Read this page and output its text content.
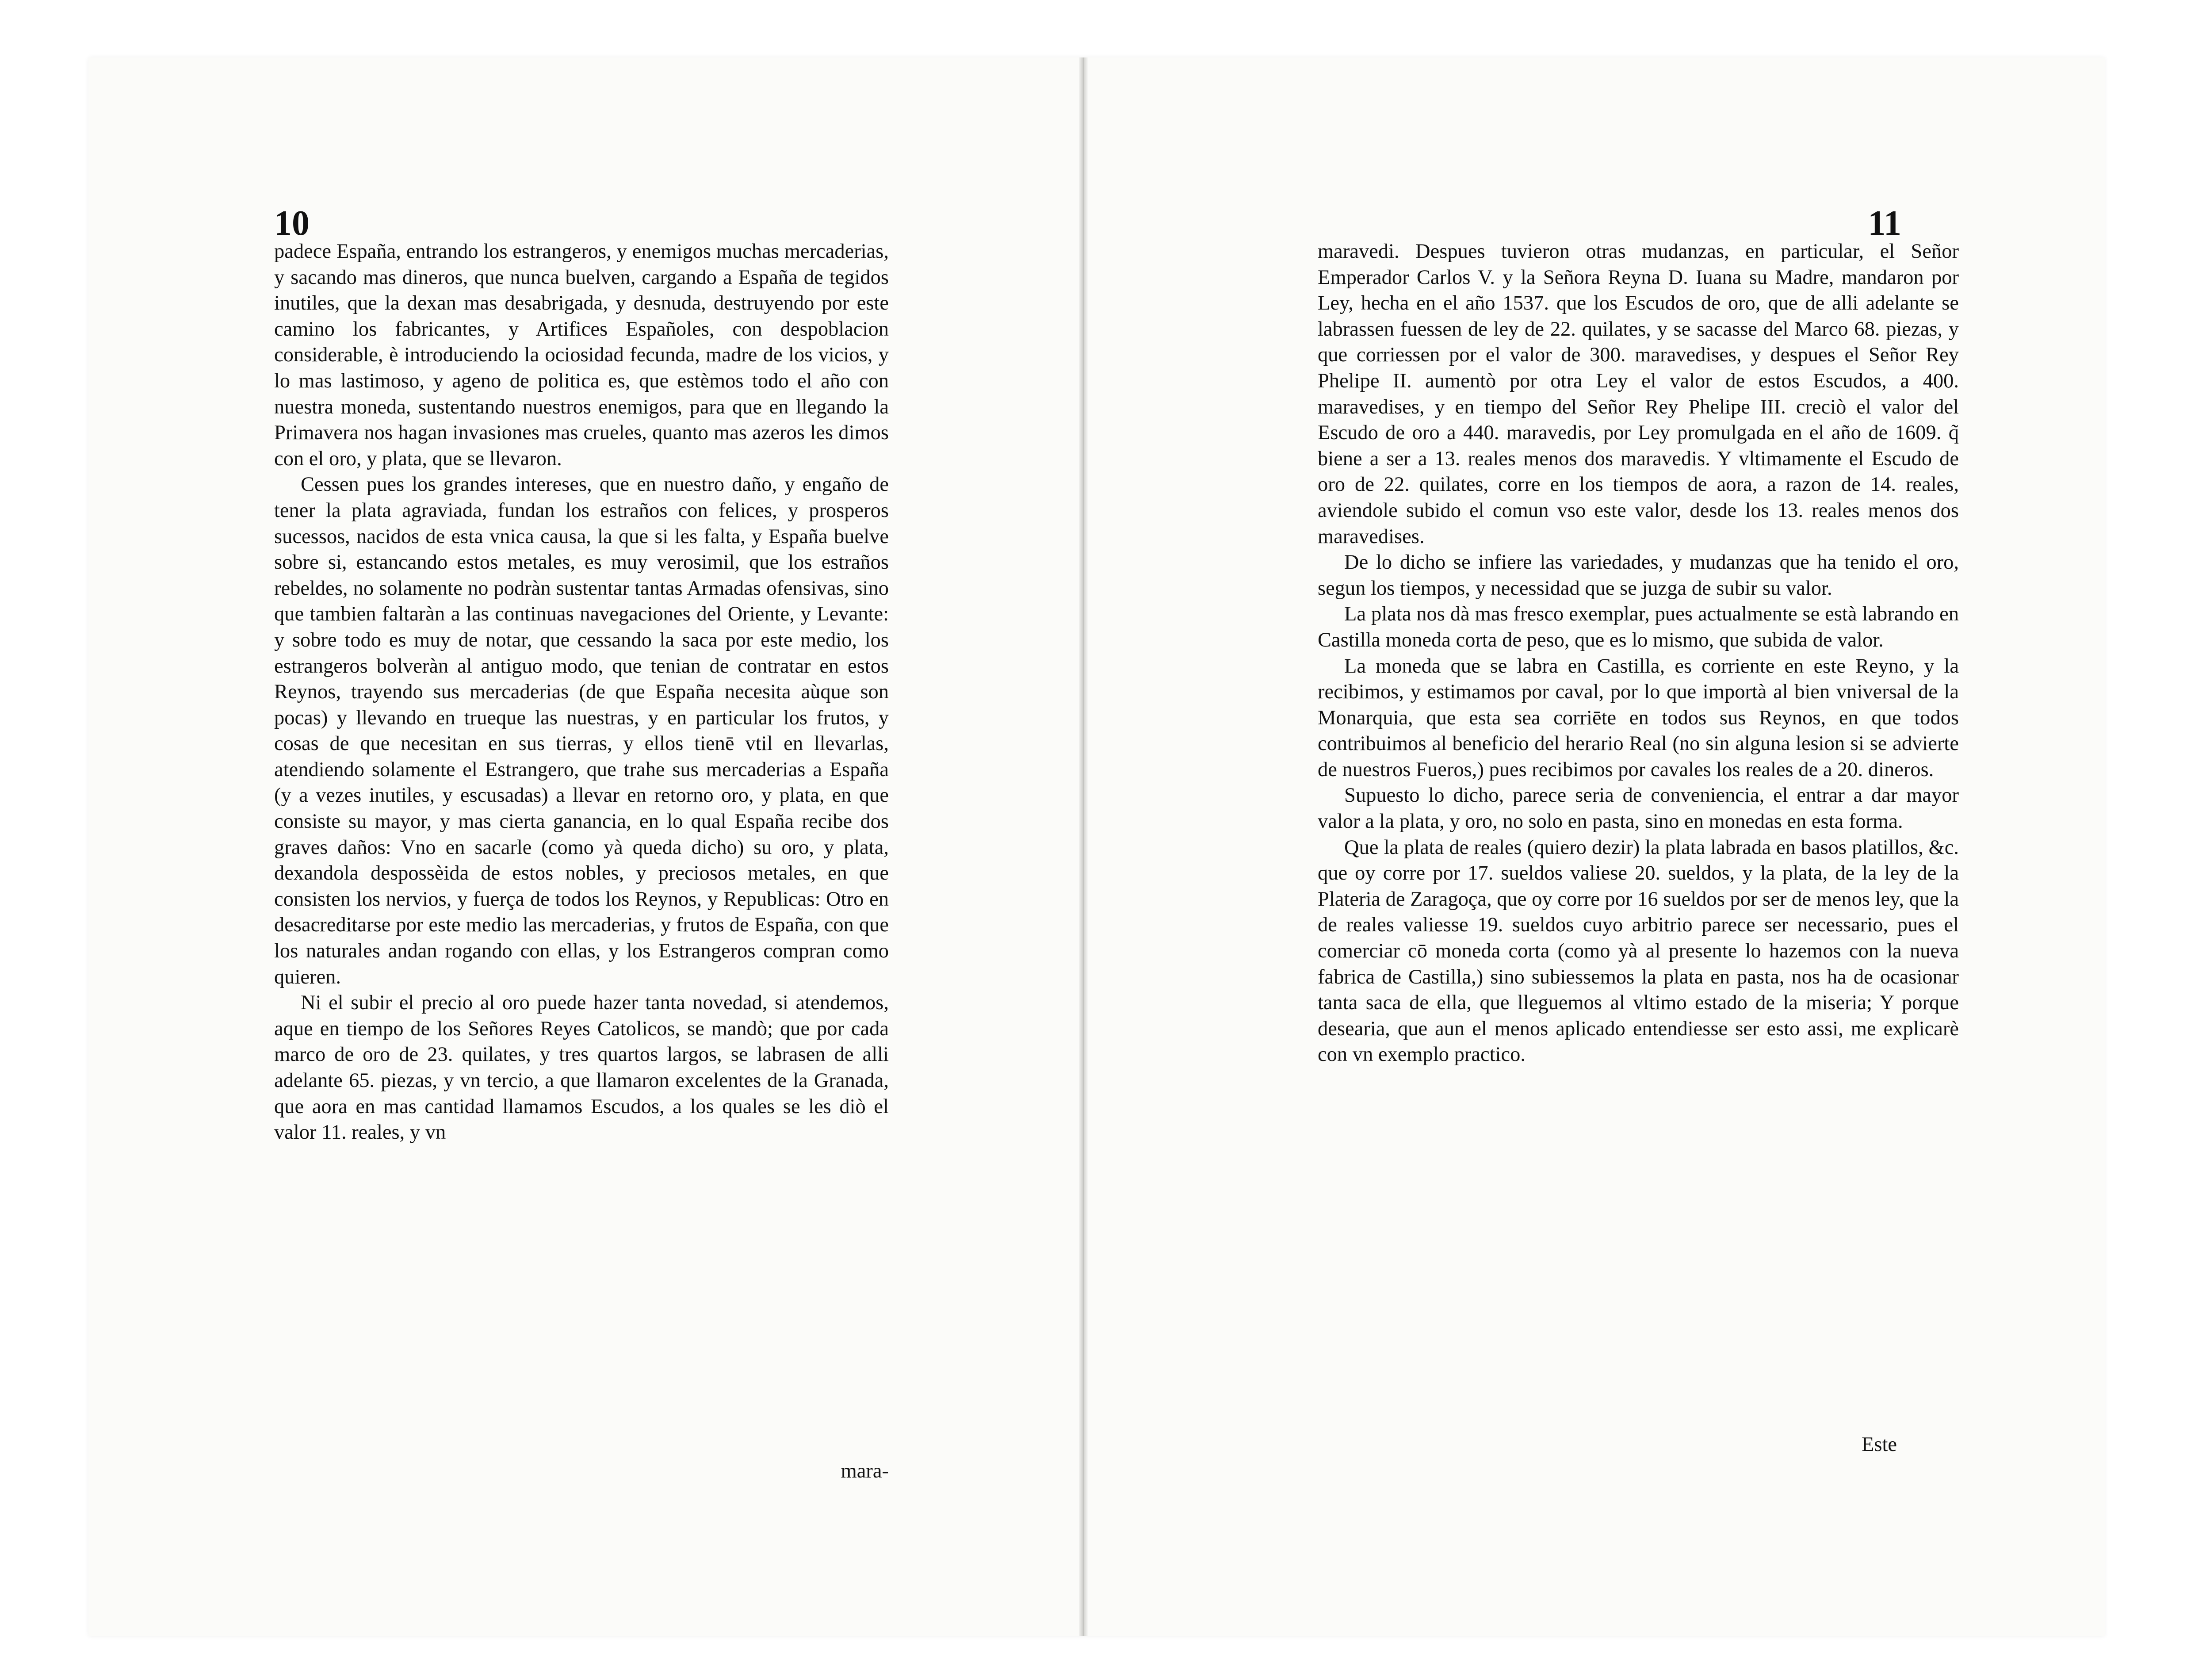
10

padece España, entrando los estrangeros, y enemigos muchas mercaderias, y sacando mas dineros, que nunca buelven, cargando a España de tegidos inutiles, que la dexan mas desabrigada, y desnuda, destruyendo por este camino los fabricantes, y Artifices Españoles, con despoblacion considerable, è introduciendo la ociosidad fecunda, madre de los vicios, y lo mas lastimoso, y ageno de politica es, que estèmos todo el año con nuestra moneda, sustentando nuestros enemigos, para que en llegando la Primavera nos hagan invasiones mas crueles, quanto mas azeros les dimos con el oro, y plata, que se llevaron.

Cessen pues los grandes intereses, que en nuestro daño, y engaño de tener la plata agraviada, fundan los estraños con felices, y prosperos sucessos, nacidos de esta vnica causa, la que si les falta, y España buelve sobre si, estancando estos metales, es muy verosimil, que los estraños rebeldes, no solamente no podràn sustentar tantas Armadas ofensivas, sino que tambien faltaràn a las continuas navegaciones del Oriente, y Levante: y sobre todo es muy de notar, que cessando la saca por este medio, los estrangeros bolveràn al antiguo modo, que tenian de contratar en estos Reynos, trayendo sus mercaderias (de que España necesita aùque son pocas) y llevando en trueque las nuestras, y en particular los frutos, y cosas de que necesitan en sus tierras, y ellos tienē vtil en llevarlas, atendiendo solamente el Estrangero, que trahe sus mercaderias a España (y a vezes inutiles, y escusadas) a llevar en retorno oro, y plata, en que consiste su mayor, y mas cierta ganancia, en lo qual España recibe dos graves daños: Vno en sacarle (como yà queda dicho) su oro, y plata, dexandola despossèida de estos nobles, y preciosos metales, en que consisten los nervios, y fuerça de todos los Reynos, y Republicas: Otro en desacreditarse por este medio las mercaderias, y frutos de España, con que los naturales andan rogando con ellas, y los Estrangeros compran como quieren.

Ni el subir el precio al oro puede hazer tanta novedad, si atendemos, aque en tiempo de los Señores Reyes Catolicos, se mandò; que por cada marco de oro de 23. quilates, y tres quartos largos, se labrasen de alli adelante 65. piezas, y vn tercio, a que llamaron excelentes de la Granada, que aora en mas cantidad llamamos Escudos, a los quales se les diò el valor 11. reales, y vn

mara-
11

maravedi. Despues tuvieron otras mudanzas, en particular, el Señor Emperador Carlos V. y la Señora Reyna D. Iuana su Madre, mandaron por Ley, hecha en el año 1537. que los Escudos de oro, que de alli adelante se labrassen fuessen de ley de 22. quilates, y se sacasse del Marco 68. piezas, y que corriessen por el valor de 300. maravedises, y despues el Señor Rey Phelipe II. aumentò por otra Ley el valor de estos Escudos, a 400. maravedises, y en tiempo del Señor Rey Phelipe III. creciò el valor del Escudo de oro a 440. maravedis, por Ley promulgada en el año de 1609. q̃ biene a ser a 13. reales menos dos maravedis. Y vltimamente el Escudo de oro de 22. quilates, corre en los tiempos de aora, a razon de 14. reales, aviendole subido el comun vso este valor, desde los 13. reales menos dos maravedises.

De lo dicho se infiere las variedades, y mudanzas que ha tenido el oro, segun los tiempos, y necessidad que se juzga de subir su valor.

La plata nos dà mas fresco exemplar, pues actualmente se està labrando en Castilla moneda corta de peso, que es lo mismo, que subida de valor.

La moneda que se labra en Castilla, es corriente en este Reyno, y la recibimos, y estimamos por caval, por lo que importà al bien vniversal de la Monarquia, que esta sea corriēte en todos sus Reynos, en que todos contribuimos al beneficio del herario Real (no sin alguna lesion si se advierte de nuestros Fueros,) pues recibimos por cavales los reales de a 20. dineros.

Supuesto lo dicho, parece seria de conveniencia, el entrar a dar mayor valor a la plata, y oro, no solo en pasta, sino en monedas en esta forma.

Que la plata de reales (quiero dezir) la plata labrada en basos platillos, &c. que oy corre por 17. sueldos valiese 20. sueldos, y la plata, de la ley de la Plateria de Zaragoça, que oy corre por 16 sueldos por ser de menos ley, que la de reales valiesse 19. sueldos cuyo arbitrio parece ser necessario, pues el comerciar cō moneda corta (como yà al presente lo hazemos con la nueva fabrica de Castilla,) sino subiessemos la plata en pasta, nos ha de ocasionar tanta saca de ella, que lleguemos al vltimo estado de la miseria; Y porque desearia, que aun el menos aplicado entendiesse ser esto assi, me explicarè con vn exemplo practico.

Este
